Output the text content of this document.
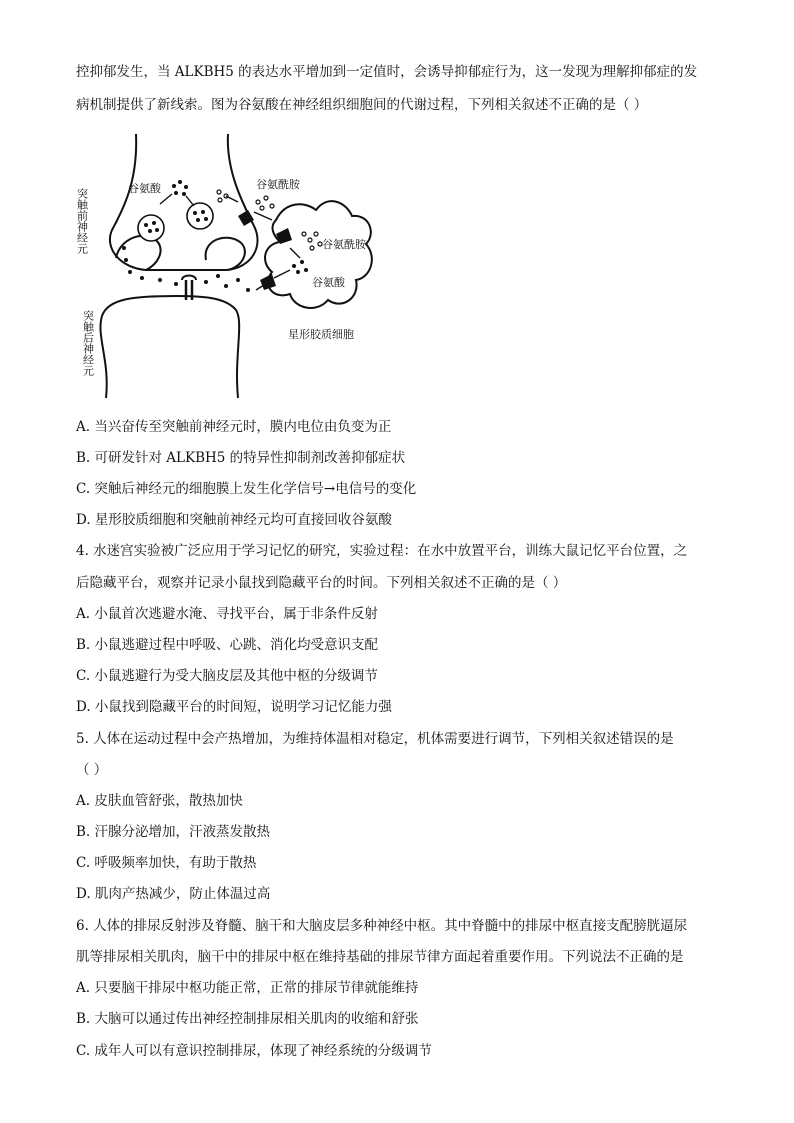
控抑郁发生，当 ALKBH5 的表达水平增加到一定值时，会诱导抑郁症行为，这一发现为理解抑郁症的发
病机制提供了新线索。图为谷氨酸在神经组织细胞间的代谢过程，下列相关叙述不正确的是（ ）
突触前神经元
突触后神经元
谷氨酸	谷氨酰胺
谷氨酰胺
谷氨酸
星形胶质细胞
A. 当兴奋传至突触前神经元时，膜内电位由负变为正
B. 可研发针对 ALKBH5 的特异性抑制剂改善抑郁症状
C. 突触后神经元的细胞膜上发生化学信号→电信号的变化
D. 星形胶质细胞和突触前神经元均可直接回收谷氨酸
4. 水迷宫实验被广泛应用于学习记忆的研究，实验过程：在水中放置平台，训练大鼠记忆平台位置，之
后隐藏平台，观察并记录小鼠找到隐藏平台的时间。下列相关叙述不正确的是（ ）
A. 小鼠首次逃避水淹、寻找平台，属于非条件反射
B. 小鼠逃避过程中呼吸、心跳、消化均受意识支配
C. 小鼠逃避行为受大脑皮层及其他中枢的分级调节
D. 小鼠找到隐藏平台的时间短，说明学习记忆能力强
5. 人体在运动过程中会产热增加，为维持体温相对稳定，机体需要进行调节，下列相关叙述错误的是
（ ）
A. 皮肤血管舒张，散热加快
B. 汗腺分泌增加，汗液蒸发散热
C. 呼吸频率加快，有助于散热
D. 肌肉产热减少，防止体温过高
6. 人体的排尿反射涉及脊髓、脑干和大脑皮层多种神经中枢。其中脊髓中的排尿中枢直接支配膀胱逼尿
肌等排尿相关肌肉，脑干中的排尿中枢在维持基础的排尿节律方面起着重要作用。下列说法不正确的是
A. 只要脑干排尿中枢功能正常，正常的排尿节律就能维持
B. 大脑可以通过传出神经控制排尿相关肌肉的收缩和舒张
C. 成年人可以有意识控制排尿，体现了神经系统的分级调节
